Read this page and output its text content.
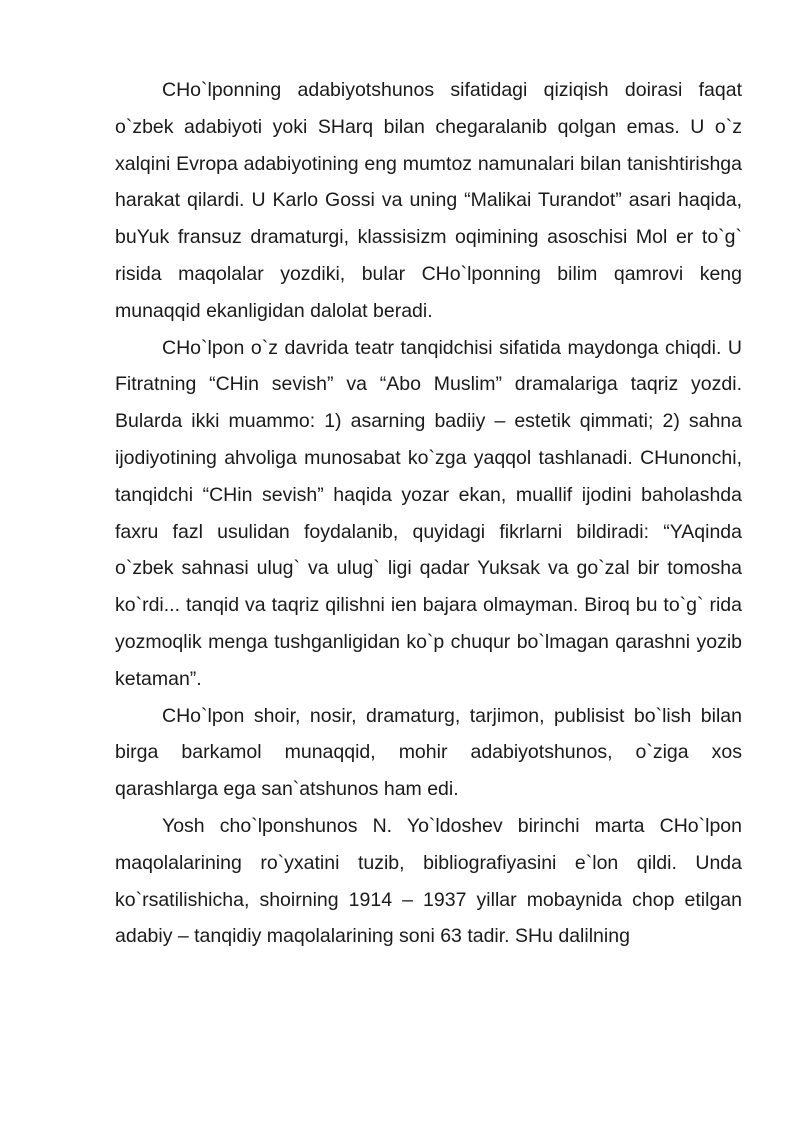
CHo`lponning adabiyotshunos sifatidagi qiziqish doirasi faqat o`zbek adabiyoti yoki SHarq bilan chegaralanib qolgan emas. U o`z xalqini Evropa adabiyotining eng mumtoz namunalari bilan tanishtirishga harakat qilardi. U Karlo Gossi va uning “Malikai Turandot” asari haqida, buYuk fransuz dramaturgi, klassisizm oqimining asoschisi Mol er to`g` risida maqolalar yozdiki, bular CHo`lponning bilim qamrovi keng munaqqid ekanligidan dalolat beradi.

CHo`lpon o`z davrida teatr tanqidchisi sifatida maydonga chiqdi. U Fitratning “CHin sevish” va “Abo Muslim” dramalariga taqriz yozdi. Bularda ikki muammo: 1) asarning badiiy – estetik qimmati; 2) sahna ijodiyotining ahvoliga munosabat ko`zga yaqqol tashlanadi. CHunonchi, tanqidchi “CHin sevish” haqida yozar ekan, muallif ijodini baholashda faxru fazl usulidan foydalanib, quyidagi fikrlarni bildiradi: “YAqinda o`zbek sahnasi ulug` va ulug` ligi qadar Yuksak va go`zal bir tomosha ko`rdi... tanqid va taqriz qilishni ien bajara olmayman. Biroq bu to`g` rida yozmoqlik menga tushganligidan ko`p chuqur bo`lmagan qarashni yozib ketaman”.

CHo`lpon shoir, nosir, dramaturg, tarjimon, publisist bo`lish bilan birga barkamol munaqqid, mohir adabiyotshunos, o`ziga xos qarashlarga ega san`atshunos ham edi.

Yosh cho`lponshunos N. Yo`ldoshev birinchi marta CHo`lpon maqolalarining ro`yxatini tuzib, bibliografiyasini e`lon qildi. Unda ko`rsatilishicha, shoirning 1914 – 1937 yillar mobaynida chop etilgan adabiy – tanqidiy maqolalarining soni 63 tadir. SHu dalilning
